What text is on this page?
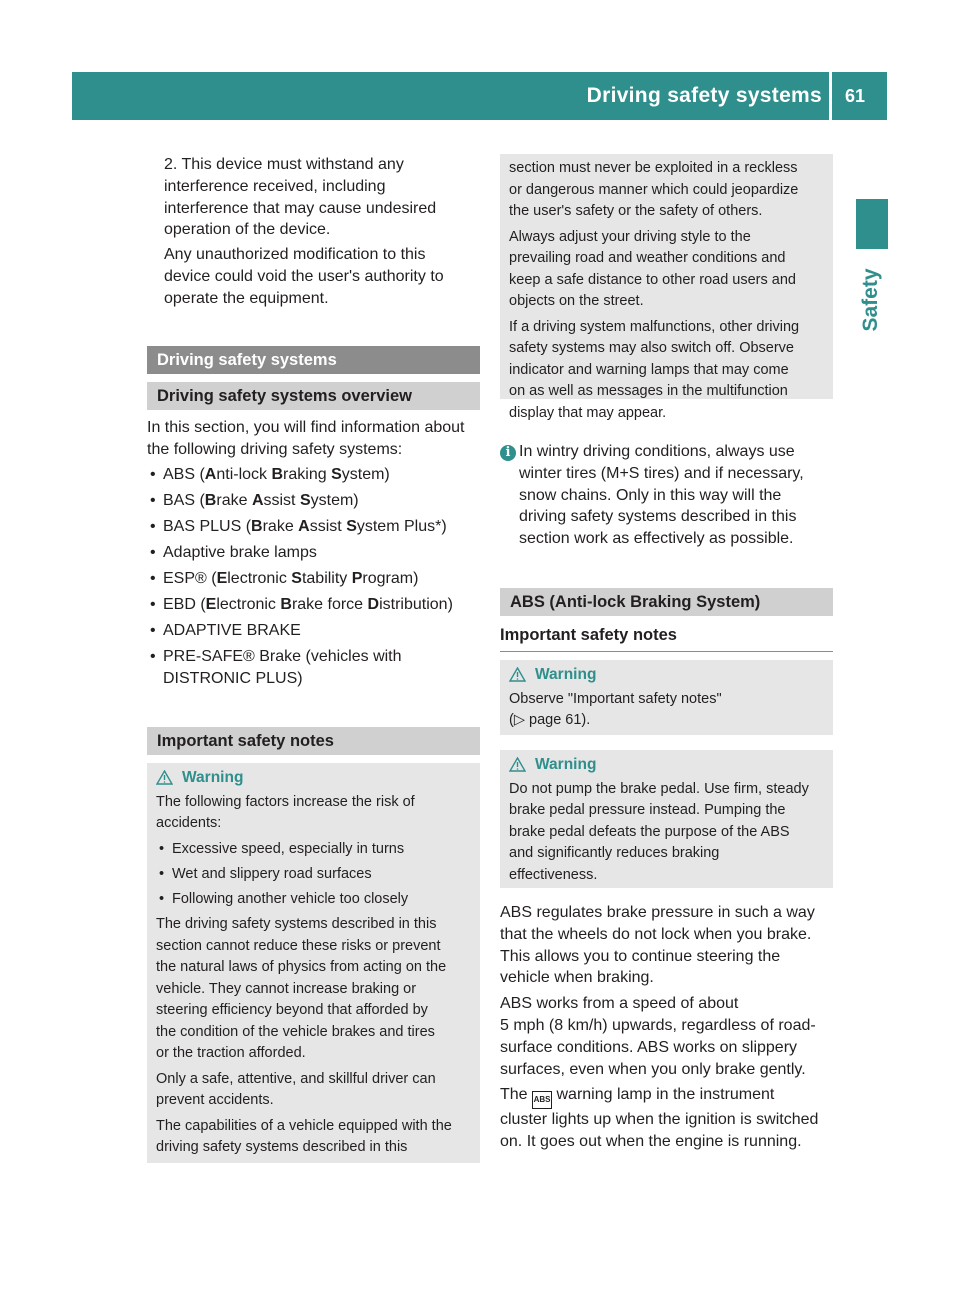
Driving safety systems 61
Safety

2. This device must withstand any

interference received, including

interference that may cause undesired

operation of the device.

Any unauthorized modification to this

device could void the user's authority to

operate the equipment.

Driving safety systems
Driving safety systems overview

In this section, you will find information about

the following driving safety systems:

• ABS (Anti-lock Braking System)
• BAS (Brake Assist System)
• BAS PLUS (Brake Assist System Plus*)
• Adaptive brake lamps
• ESP® (Electronic Stability Program)
• EBD (Electronic Brake force Distribution)
• ADAPTIVE BRAKE
• PRE-SAFE® Brake (vehicles with
DISTRONIC PLUS)
Important safety notes
Warning

The following factors increase the risk of
accidents:

• Excessive speed, especially in turns
• Wet and slippery road surfaces
• Following another vehicle too closely

The driving safety systems described in this
section cannot reduce these risks or prevent
the natural laws of physics from acting on the
vehicle. They cannot increase braking or
steering efficiency beyond that afforded by
the condition of the vehicle brakes and tires
or the traction afforded.

Only a safe, attentive, and skillful driver can
prevent accidents.

The capabilities of a vehicle equipped with the
driving safety systems described in this

section must never be exploited in a reckless
or dangerous manner which could jeopardize
the user's safety or the safety of others.

Always adjust your driving style to the
prevailing road and weather conditions and
keep a safe distance to other road users and
objects on the street.

If a driving system malfunctions, other driving
safety systems may also switch off. Observe
indicator and warning lamps that may come
on as well as messages in the multifunction
display that may appear.

i In wintry driving conditions, always use

winter tires (M+S tires) and if necessary,

snow chains. Only in this way will the

driving safety systems described in this

section work as effectively as possible.

ABS (Anti-lock Braking System)
Important safety notes
Warning

Observe "Important safety notes"
(▷ page 61).

Warning

Do not pump the brake pedal. Use firm, steady
brake pedal pressure instead. Pumping the
brake pedal defeats the purpose of the ABS
and significantly reduces braking
effectiveness.

ABS regulates brake pressure in such a way

that the wheels do not lock when you brake.

This allows you to continue steering the

vehicle when braking.

ABS works from a speed of about

5 mph (8 km/h) upwards, regardless of road-

surface conditions. ABS works on slippery

surfaces, even when you only brake gently.

The ABS warning lamp in the instrument

cluster lights up when the ignition is switched

on. It goes out when the engine is running.
